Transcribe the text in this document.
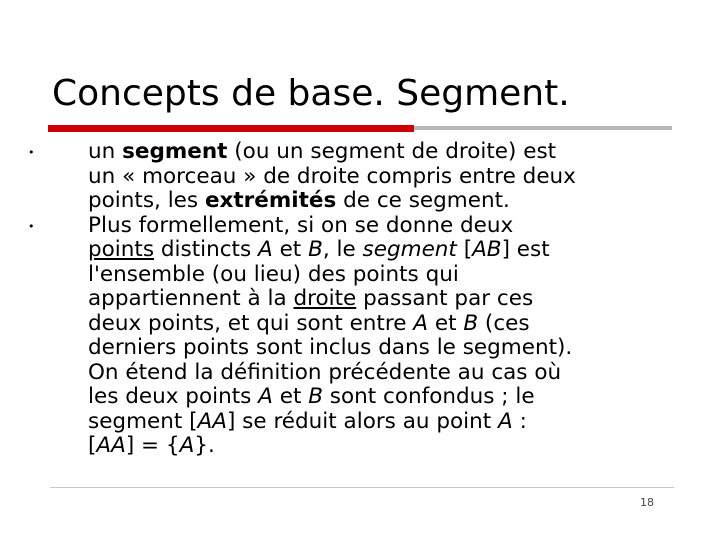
Concepts de base. Segment.
•
un segment (ou un segment de droite) est
un « morceau » de droite compris entre deux
points, les extrémités de ce segment.
•
Plus formellement, si on se donne deux
points distincts A et B, le segment [AB] est
l'ensemble (ou lieu) des points qui
appartiennent à la droite passant par ces
deux points, et qui sont entre A et B (ces
derniers points sont inclus dans le segment).
On étend la définition précédente au cas où
les deux points A et B sont confondus ; le
segment [AA] se réduit alors au point A :
[AA] = {A}.
18
